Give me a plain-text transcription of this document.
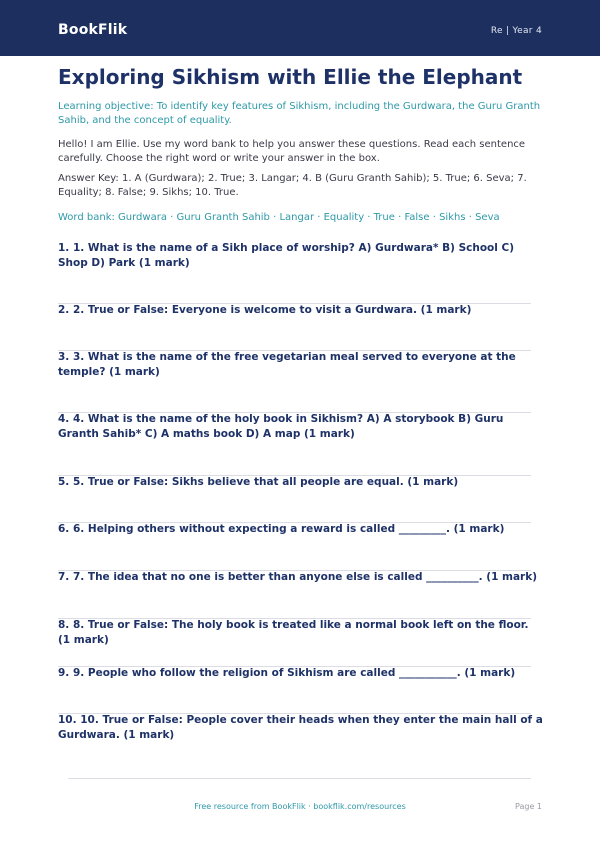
BookFlik	Re | Year 4
Exploring Sikhism with Ellie the Elephant

Learning objective: To identify key features of Sikhism, including the Gurdwara, the Guru Granth Sahib, and the concept of equality.

Hello! I am Ellie. Use my word bank to help you answer these questions. Read each sentence carefully. Choose the right word or write your answer in the box.

Answer Key: 1. A (Gurdwara); 2. True; 3. Langar; 4. B (Guru Granth Sahib); 5. True; 6. Seva; 7. Equality; 8. False; 9. Sikhs; 10. True.

Word bank: Gurdwara · Guru Granth Sahib · Langar · Equality · True · False · Sikhs · Seva

1. 1. What is the name of a Sikh place of worship? A) Gurdwara* B) School C) Shop D) Park (1 mark)

2. 2. True or False: Everyone is welcome to visit a Gurdwara. (1 mark)

3. 3. What is the name of the free vegetarian meal served to everyone at the temple? (1 mark)

4. 4. What is the name of the holy book in Sikhism? A) A storybook B) Guru Granth Sahib* C) A maths book D) A map (1 mark)

5. 5. True or False: Sikhs believe that all people are equal. (1 mark)

6. 6. Helping others without expecting a reward is called _________. (1 mark)

7. 7. The idea that no one is better than anyone else is called __________. (1 mark)

8. 8. True or False: The holy book is treated like a normal book left on the floor. (1 mark)

9. 9. People who follow the religion of Sikhism are called ___________. (1 mark)

10. 10. True or False: People cover their heads when they enter the main hall of a Gurdwara. (1 mark)

Free resource from BookFlik · bookflik.com/resources	Page 1
